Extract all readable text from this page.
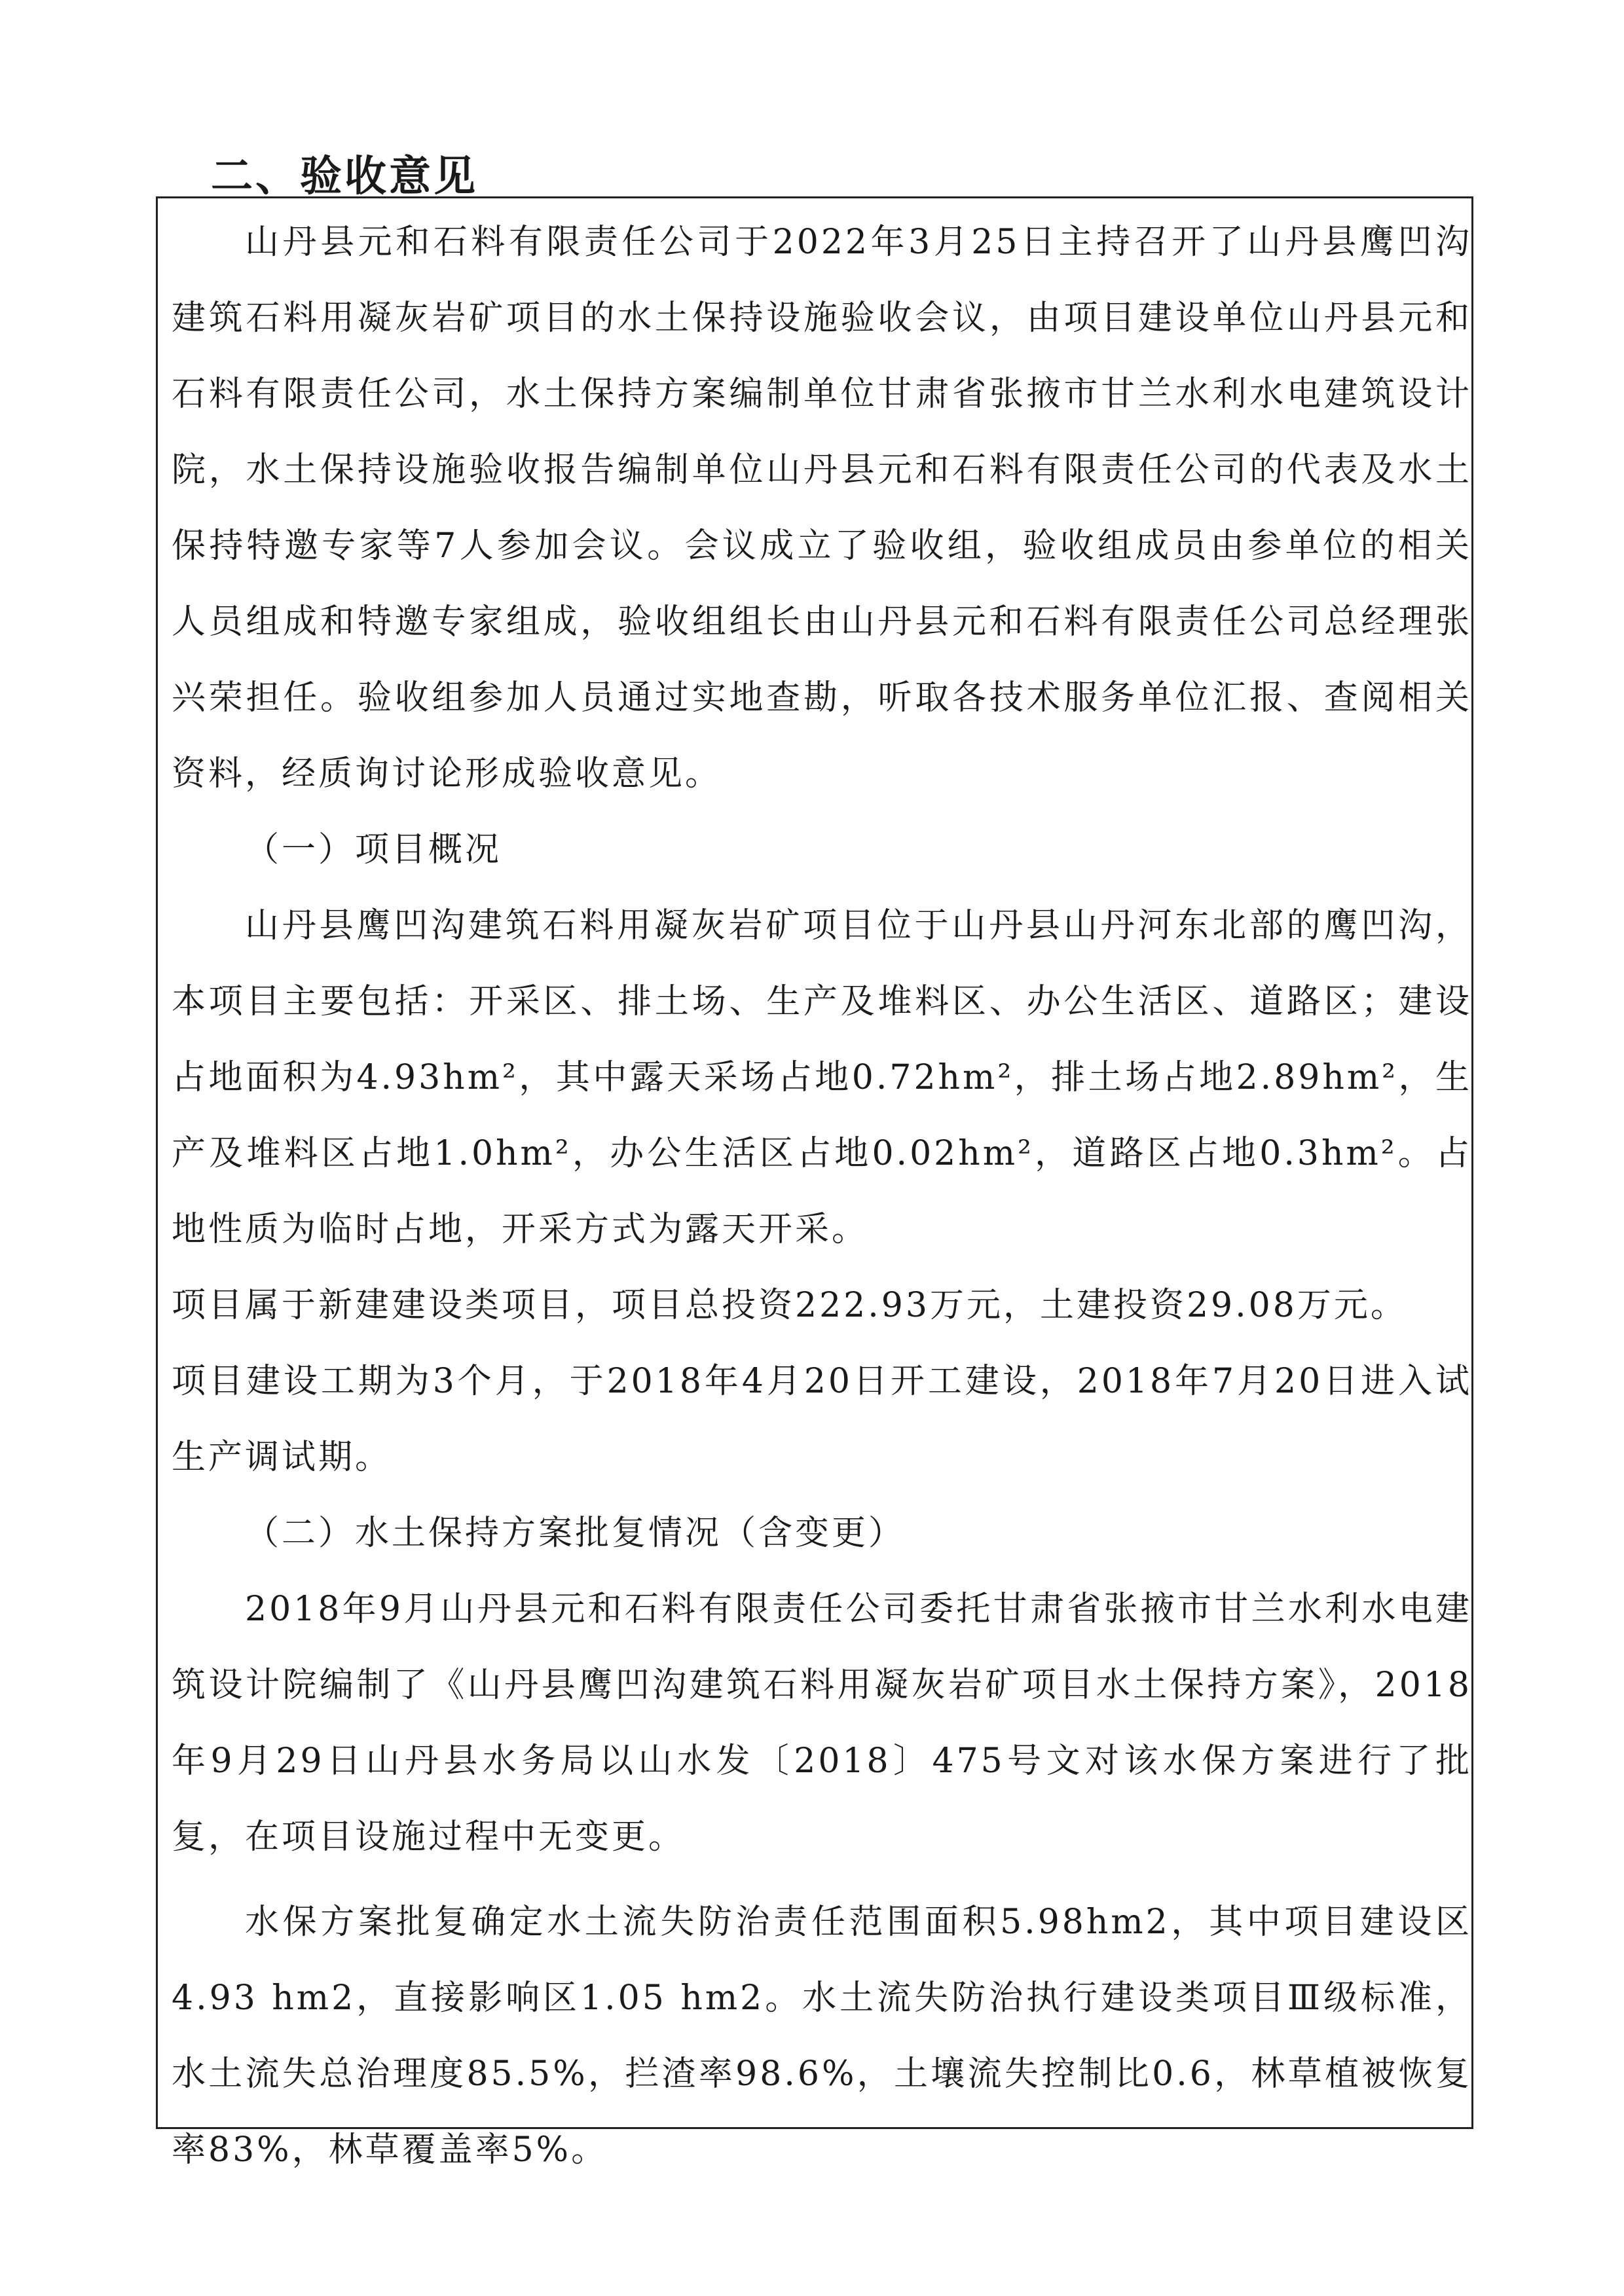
二、验收意见

山丹县元和石料有限责任公司于2022年3月25日主持召开了山丹县鹰凹沟建筑石料用凝灰岩矿项目的水土保持设施验收会议，由项目建设单位山丹县元和石料有限责任公司，水土保持方案编制单位甘肃省张掖市甘兰水利水电建筑设计院，水土保持设施验收报告编制单位山丹县元和石料有限责任公司的代表及水土保持特邀专家等7人参加会议。会议成立了验收组，验收组成员由参单位的相关人员组成和特邀专家组成，验收组组长由山丹县元和石料有限责任公司总经理张兴荣担任。验收组参加人员通过实地查勘，听取各技术服务单位汇报、查阅相关资料，经质询讨论形成验收意见。

（一）项目概况

山丹县鹰凹沟建筑石料用凝灰岩矿项目位于山丹县山丹河东北部的鹰凹沟，本项目主要包括：开采区、排土场、生产及堆料区、办公生活区、道路区；建设占地面积为4.93hm²，其中露天采场占地0.72hm²，排土场占地2.89hm²，生产及堆料区占地1.0hm²，办公生活区占地0.02hm²，道路区占地0.3hm²。占地性质为临时占地，开采方式为露天开采。

项目属于新建建设类项目，项目总投资222.93万元，土建投资29.08万元。

项目建设工期为3个月，于2018年4月20日开工建设，2018年7月20日进入试生产调试期。

（二）水土保持方案批复情况（含变更）

2018年9月山丹县元和石料有限责任公司委托甘肃省张掖市甘兰水利水电建筑设计院编制了《山丹县鹰凹沟建筑石料用凝灰岩矿项目水土保持方案》，2018年9月29日山丹县水务局以山水发〔2018〕475号文对该水保方案进行了批复，在项目设施过程中无变更。

水保方案批复确定水土流失防治责任范围面积5.98hm2，其中项目建设区4.93 hm2，直接影响区1.05 hm2。水土流失防治执行建设类项目Ⅲ级标准，水土流失总治理度85.5%，拦渣率98.6%，土壤流失控制比0.6，林草植被恢复率83%，林草覆盖率5%。
